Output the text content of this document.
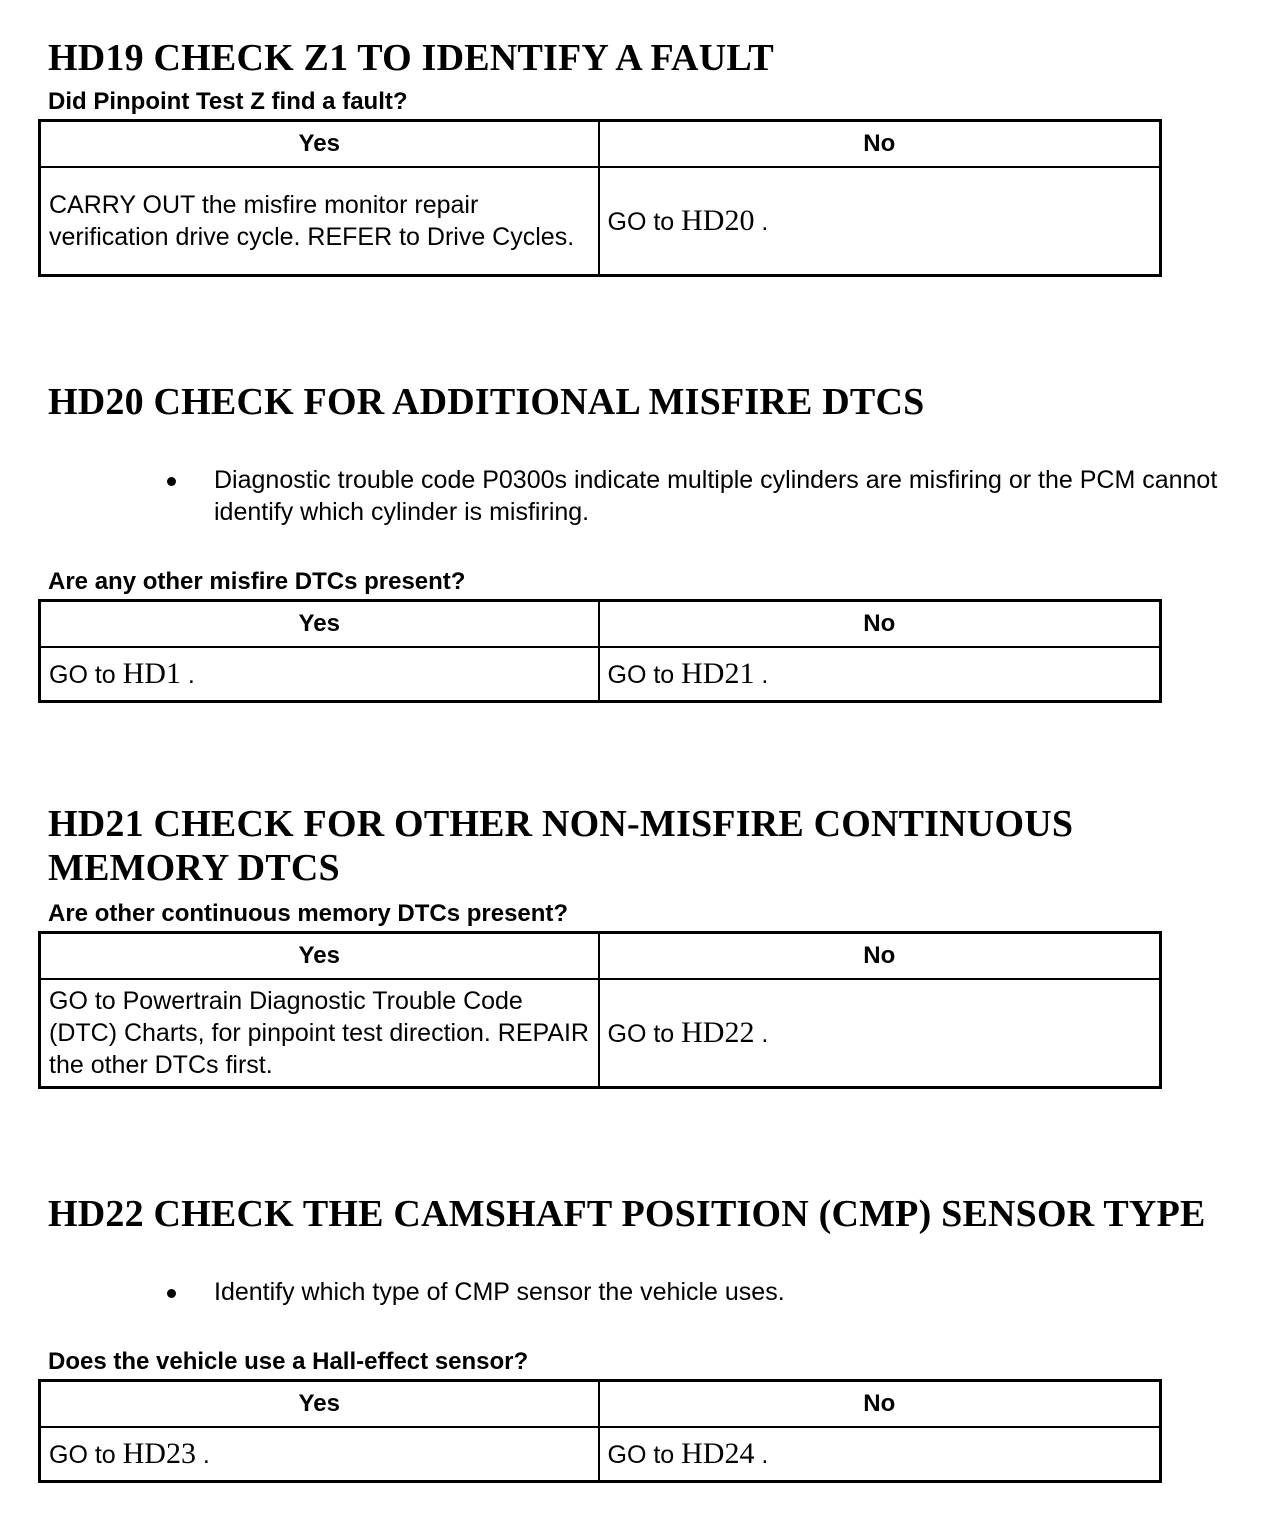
HD19 CHECK Z1 TO IDENTIFY A FAULT

Did Pinpoint Test Z find a fault?

Yes	No
CARRY OUT the misfire monitor repair verification drive cycle. REFER to Drive Cycles.	GO to HD20 .
HD20 CHECK FOR ADDITIONAL MISFIRE DTCS
Diagnostic trouble code P0300s indicate multiple cylinders are misfiring or the PCM cannot identify which cylinder is misfiring.

Are any other misfire DTCs present?

Yes	No
GO to HD1 .	GO to HD21 .
HD21 CHECK FOR OTHER NON-MISFIRE CONTINUOUS
MEMORY DTCS

Are other continuous memory DTCs present?

Yes	No
GO to Powertrain Diagnostic Trouble Code (DTC) Charts, for pinpoint test direction. REPAIR the other DTCs first.	GO to HD22 .
HD22 CHECK THE CAMSHAFT POSITION (CMP) SENSOR TYPE
Identify which type of CMP sensor the vehicle uses.

Does the vehicle use a Hall-effect sensor?

Yes	No
GO to HD23 .	GO to HD24 .
